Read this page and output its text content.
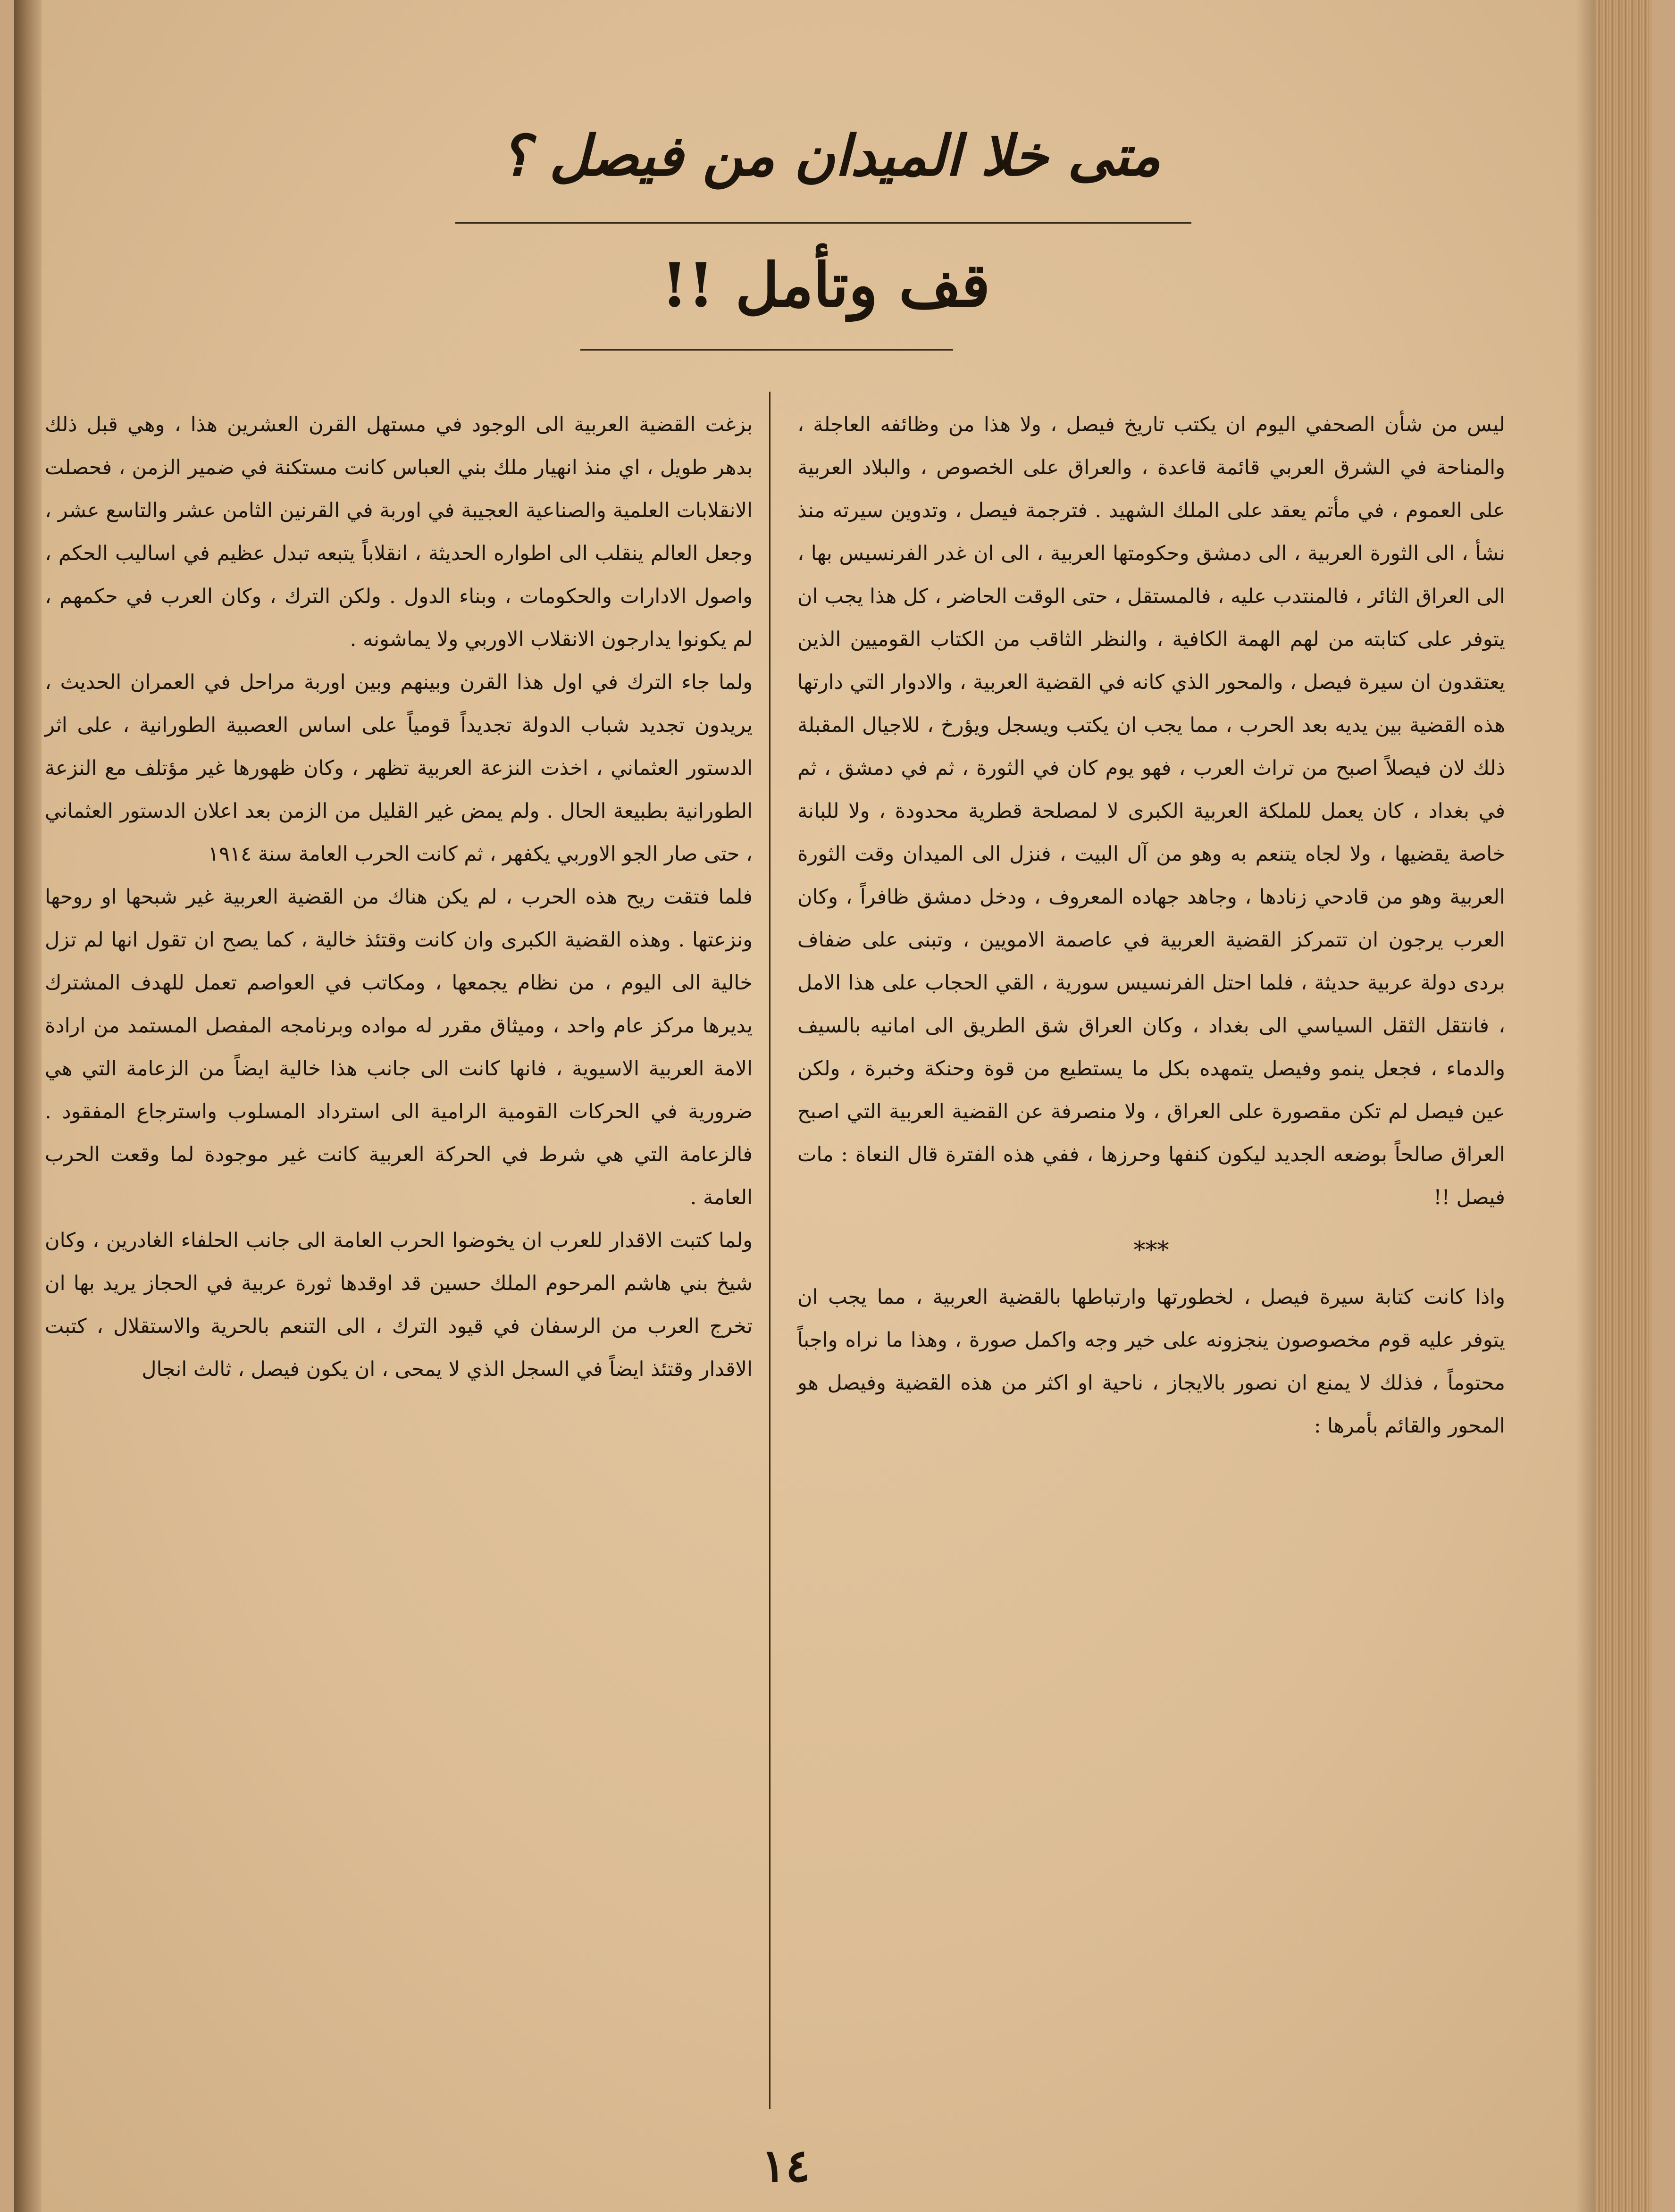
متى خلا الميدان من فيصل ؟
قف وتأمل !!

ليس من شأن الصحفي اليوم ان يكتب تاريخ فيصل ، ولا هذا من وظائفه العاجلة ، والمناحة في الشرق العربي قائمة قاعدة ، والعراق على الخصوص ، والبلاد العربية على العموم ، في مأتم يعقد على الملك الشهيد . فترجمة فيصل ، وتدوين سيرته منذ نشأ ، الى الثورة العربية ، الى دمشق وحكومتها العربية ، الى ان غدر الفرنسيس بها ، الى العراق الثائر ، فالمنتدب عليه ، فالمستقل ، حتى الوقت الحاضر ، كل هذا يجب ان يتوفر على كتابته من لهم الهمة الكافية ، والنظر الثاقب من الكتاب القوميين الذين يعتقدون ان سيرة فيصل ، والمحور الذي كانه في القضية العربية ، والادوار التي دارتها هذه القضية بين يديه بعد الحرب ، مما يجب ان يكتب ويسجل ويؤرخ ، للاجيال المقبلة ذلك لان فيصلاً اصبح من تراث العرب ، فهو يوم كان في الثورة ، ثم في دمشق ، ثم في بغداد ، كان يعمل للملكة العربية الكبرى لا لمصلحة قطرية محدودة ، ولا للبانة خاصة يقضيها ، ولا لجاه يتنعم به وهو من آل البيت ، فنزل الى الميدان وقت الثورة العربية وهو من قادحي زنادها ، وجاهد جهاده المعروف ، ودخل دمشق ظافراً ، وكان العرب يرجون ان تتمركز القضية العربية في عاصمة الامويين ، وتبنى على ضفاف بردى دولة عربية حديثة ، فلما احتل الفرنسيس سورية ، القي الحجاب على هذا الامل ، فانتقل الثقل السياسي الى بغداد ، وكان العراق شق الطريق الى امانيه بالسيف والدماء ، فجعل ينمو وفيصل يتمهده بكل ما يستطيع من قوة وحنكة وخبرة ، ولكن عين فيصل لم تكن مقصورة على العراق ، ولا منصرفة عن القضية العربية التي اصبح العراق صالحاً بوضعه الجديد ليكون كنفها وحرزها ، ففي هذه الفترة قال النعاة : مات فيصل !!

***

واذا كانت كتابة سيرة فيصل ، لخطورتها وارتباطها بالقضية العربية ، مما يجب ان يتوفر عليه قوم مخصوصون ينجزونه على خير وجه واكمل صورة ، وهذا ما نراه واجباً محتوماً ، فذلك لا يمنع ان نصور بالايجاز ، ناحية او اكثر من هذه القضية وفيصل هو المحور والقائم بأمرها :

بزغت القضية العربية الى الوجود في مستهل القرن العشرين هذا ، وهي قبل ذلك بدهر طويل ، اي منذ انهيار ملك بني العباس كانت مستكنة في ضمير الزمن ، فحصلت الانقلابات العلمية والصناعية العجيبة في اوربة في القرنين الثامن عشر والتاسع عشر ، وجعل العالم ينقلب الى اطواره الحديثة ، انقلاباً يتبعه تبدل عظيم في اساليب الحكم ، واصول الادارات والحكومات ، وبناء الدول . ولكن الترك ، وكان العرب في حكمهم ، لم يكونوا يدارجون الانقلاب الاوربي ولا يماشونه .

ولما جاء الترك في اول هذا القرن وبينهم وبين اوربة مراحل في العمران الحديث ، يريدون تجديد شباب الدولة تجديداً قومياً على اساس العصبية الطورانية ، على اثر الدستور العثماني ، اخذت النزعة العربية تظهر ، وكان ظهورها غير مؤتلف مع النزعة الطورانية بطبيعة الحال . ولم يمض غير القليل من الزمن بعد اعلان الدستور العثماني ، حتى صار الجو الاوربي يكفهر ، ثم كانت الحرب العامة سنة ١٩١٤

فلما فتقت ريح هذه الحرب ، لم يكن هناك من القضية العربية غير شبحها او روحها ونزعتها . وهذه القضية الكبرى وان كانت وقتئذ خالية ، كما يصح ان تقول انها لم تزل خالية الى اليوم ، من نظام يجمعها ، ومكاتب في العواصم تعمل للهدف المشترك يديرها مركز عام واحد ، وميثاق مقرر له مواده وبرنامجه المفصل المستمد من ارادة الامة العربية الاسيوية ، فانها كانت الى جانب هذا خالية ايضاً من الزعامة التي هي ضرورية في الحركات القومية الرامية الى استرداد المسلوب واسترجاع المفقود . فالزعامة التي هي شرط في الحركة العربية كانت غير موجودة لما وقعت الحرب العامة .

ولما كتبت الاقدار للعرب ان يخوضوا الحرب العامة الى جانب الحلفاء الغادرين ، وكان شيخ بني هاشم المرحوم الملك حسين قد اوقدها ثورة عربية في الحجاز يريد بها ان تخرج العرب من الرسفان في قيود الترك ، الى التنعم بالحرية والاستقلال ، كتبت الاقدار وقتئذ ايضاً في السجل الذي لا يمحى ، ان يكون فيصل ، ثالث انجال

١٤
